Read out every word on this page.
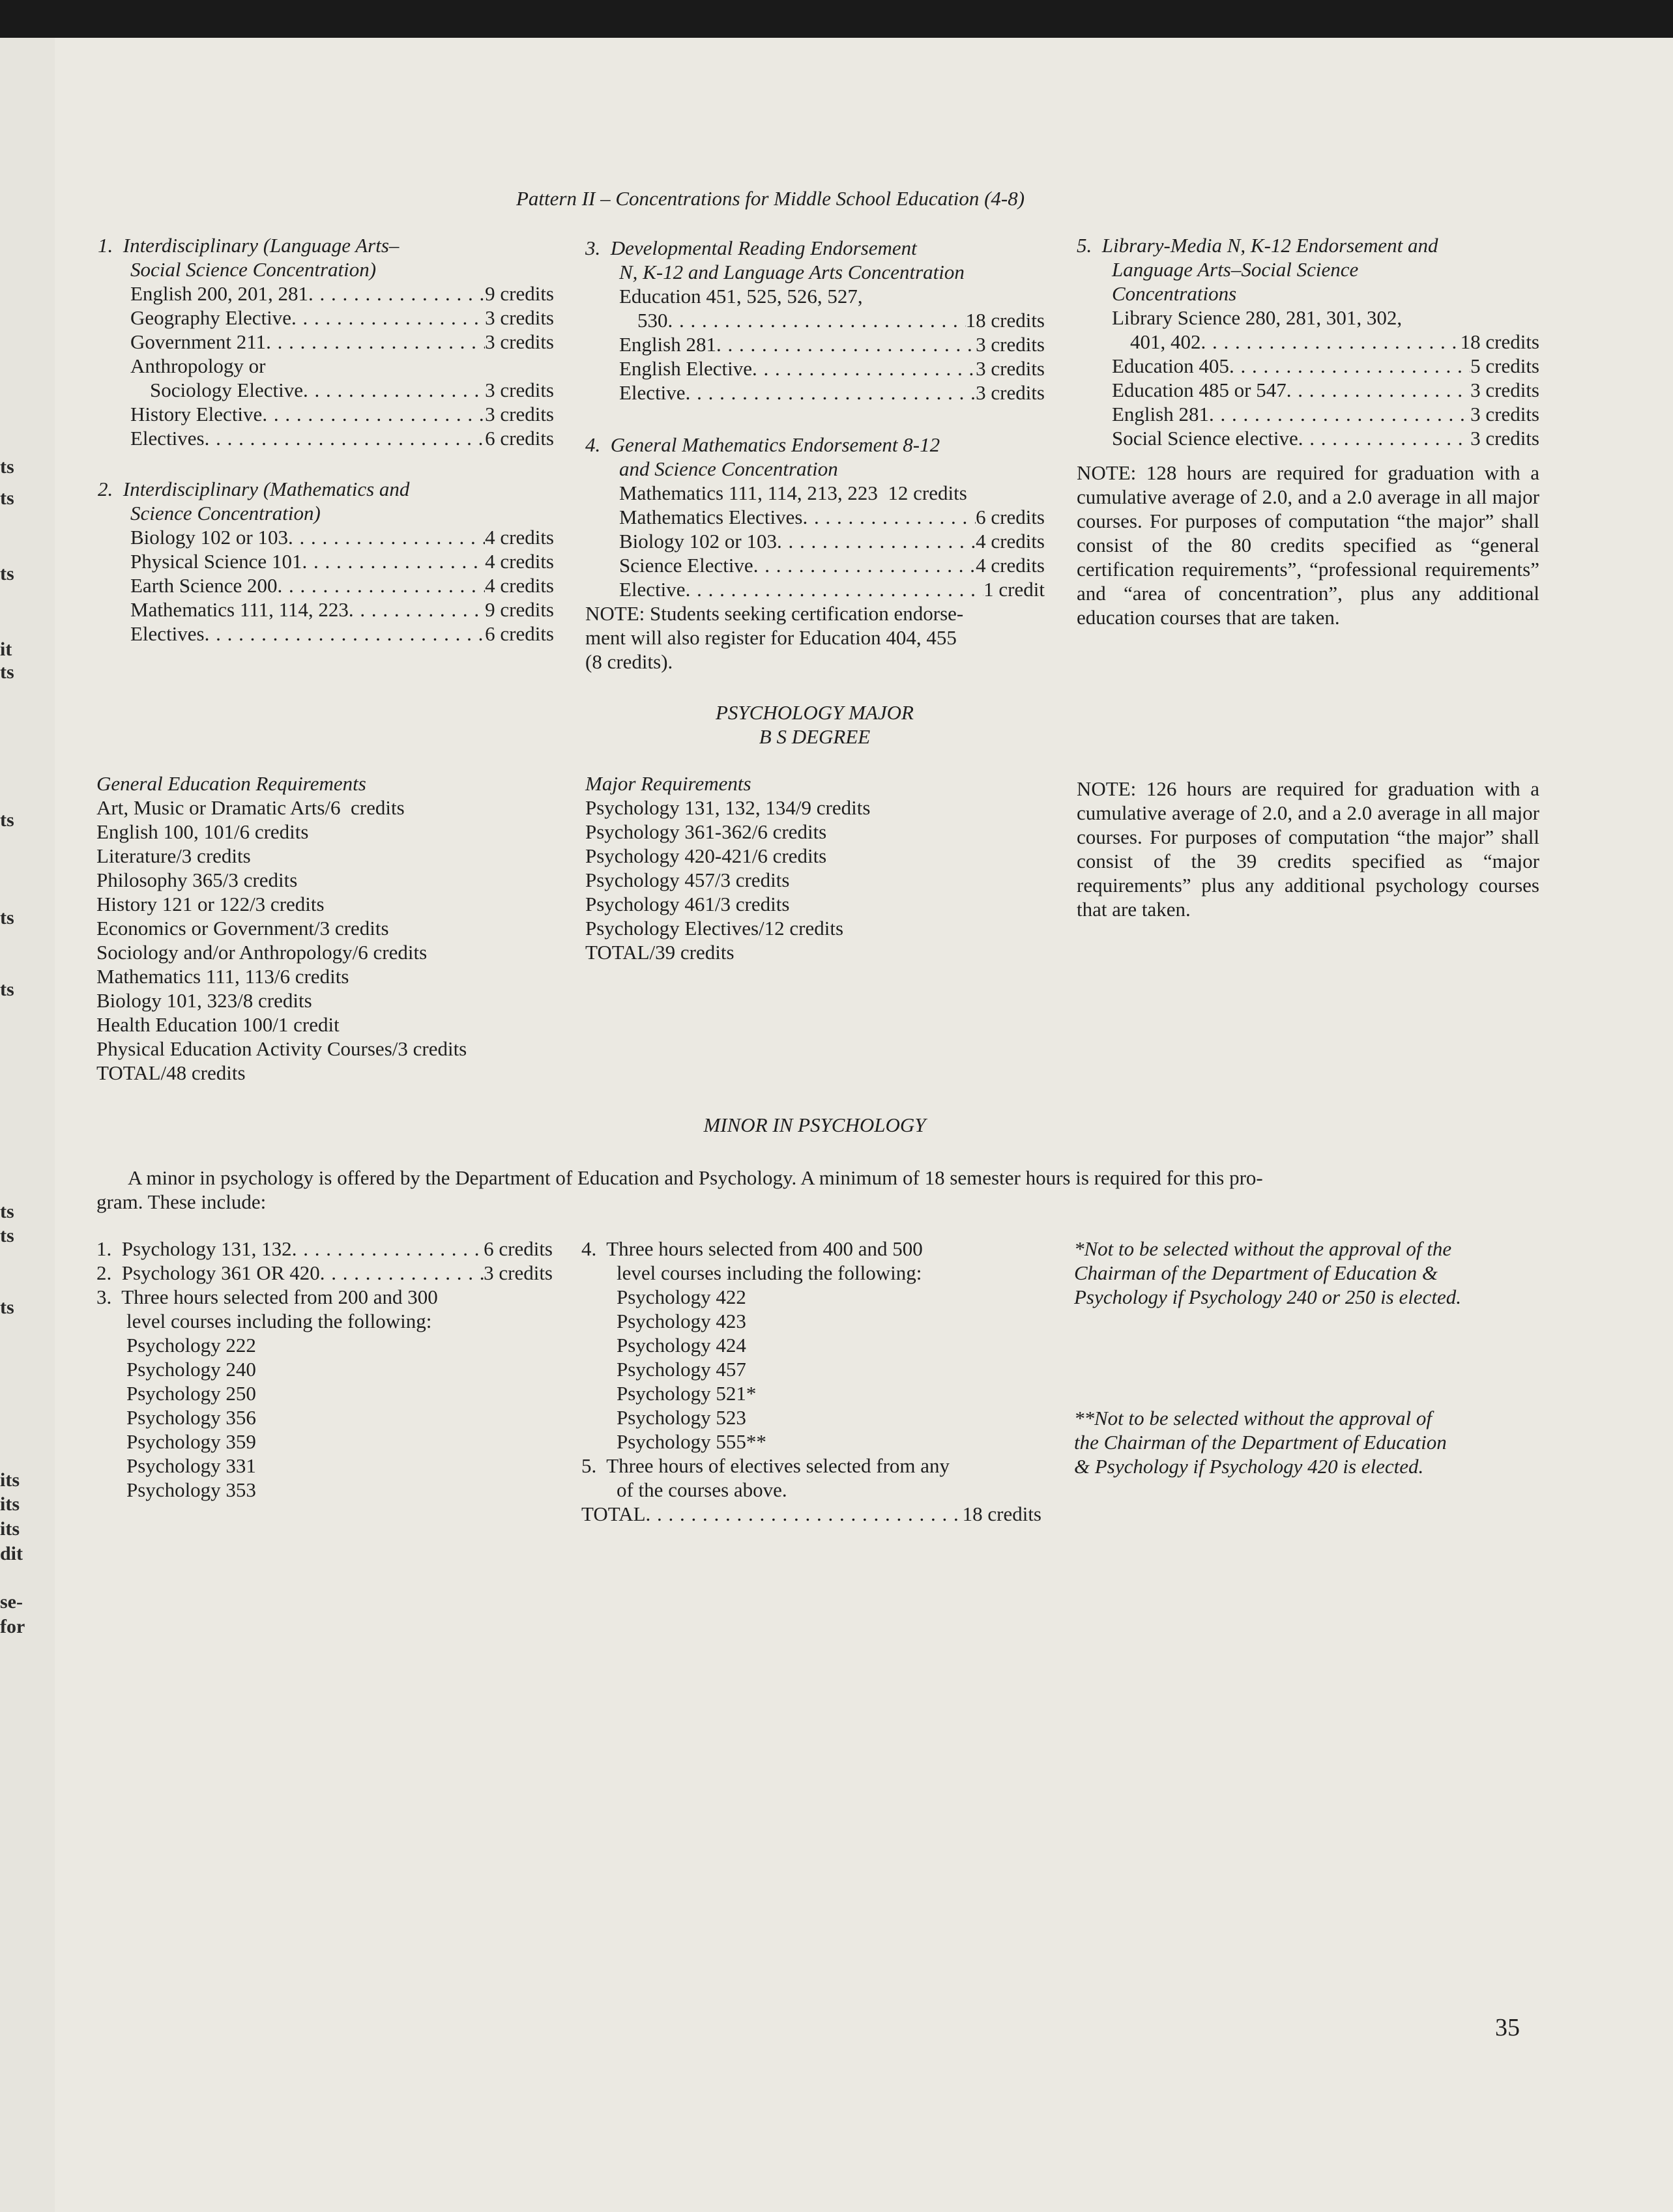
ts
ts
ts
it
ts
ts
ts
ts
ts
ts
ts
its
its
its
dit
se-
for
Pattern II – Concentrations for Middle School Education (4-8)
1.  Interdisciplinary (Language Arts–
Social Science Concentration)
English 200, 201, 281 . . .	9 credits
Geography Elective . . .	3 credits
Government 211 . . .	3 credits
Anthropology or
Sociology Elective . . .	3 credits
History Elective . . .	3 credits
Electives . . .	6 credits
2.  Interdisciplinary (Mathematics and
Science Concentration)
Biology 102 or 103 . . .	4 credits
Physical Science 101 . . .	4 credits
Earth Science 200 . . .	4 credits
Mathematics 111, 114, 223 . . .	9 credits
Electives . . .	6 credits
3.  Developmental Reading Endorsement
N, K-12 and Language Arts Concentration
Education 451, 525, 526, 527,
530 . . .	18 credits
English 281 . . .	3 credits
English Elective . . .	3 credits
Elective . . .	3 credits
4.  General Mathematics Endorsement 8-12
and Science Concentration
Mathematics 111, 114, 213, 223 12 credits
Mathematics Electives . . .	6 credits
Biology 102 or 103 . . .	4 credits
Science Elective . . .	4 credits
Elective . . .	1 credit
NOTE: Students seeking certification endorse-
ment will also register for Education 404, 455
(8 credits).
5.  Library-Media N, K-12 Endorsement and
Language Arts–Social Science
Concentrations
Library Science 280, 281, 301, 302,
401, 402 . . .	18 credits
Education 405 . . .	5 credits
Education 485 or 547 . . .	3 credits
English 281 . . .	3 credits
Social Science elective . . .	3 credits
NOTE: 128 hours are required for graduation with a cumulative average of 2.0, and a 2.0 average in all major courses. For purposes of computation “the major” shall consist of the 80 credits specified as “general certification requirements”, “professional requirements” and “area of concentration”, plus any additional education courses that are taken.
PSYCHOLOGY MAJOR
B S DEGREE
General Education Requirements
Art, Music or Dramatic Arts/6  credits
English 100, 101/6 credits
Literature/3 credits
Philosophy 365/3 credits
History 121 or 122/3 credits
Economics or Government/3 credits
Sociology and/or Anthropology/6 credits
Mathematics 111, 113/6 credits
Biology 101, 323/8 credits
Health Education 100/1 credit
Physical Education Activity Courses/3 credits
TOTAL/48 credits
Major Requirements
Psychology 131, 132, 134/9 credits
Psychology 361-362/6 credits
Psychology 420-421/6 credits
Psychology 457/3 credits
Psychology 461/3 credits
Psychology Electives/12 credits
TOTAL/39 credits
NOTE: 126 hours are required for graduation with a cumulative average of 2.0, and a 2.0 average in all major courses. For purposes of computation “the major” shall consist of the 39 credits specified as “major requirements” plus any additional psychology courses that are taken.
MINOR IN PSYCHOLOGY
A minor in psychology is offered by the Department of Education and Psychology. A minimum of 18 semester hours is required for this pro-
gram. These include:
1.  Psychology 131, 132 . . .	6 credits
2.  Psychology 361 OR 420 . . .	3 credits
3.  Three hours selected from 200 and 300
level courses including the following:
Psychology 222
Psychology 240
Psychology 250
Psychology 356
Psychology 359
Psychology 331
Psychology 353
4.  Three hours selected from 400 and 500
level courses including the following:
Psychology 422
Psychology 423
Psychology 424
Psychology 457
Psychology 521*
Psychology 523
Psychology 555**
5.  Three hours of electives selected from any
of the courses above.
TOTAL . . .	18 credits
*Not to be selected without the approval of the
Chairman of the Department of Education &
Psychology if Psychology 240 or 250 is elected.
**Not to be selected without the approval of
the Chairman of the Department of Education
& Psychology if Psychology 420 is elected.
35
